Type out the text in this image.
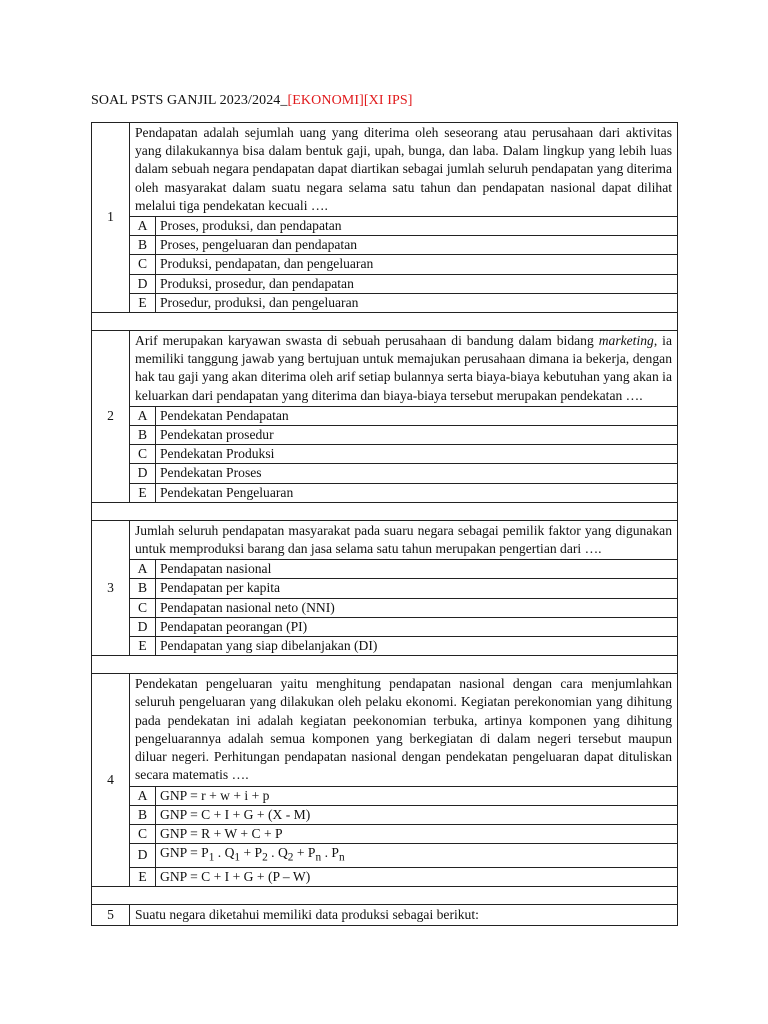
SOAL PSTS GANJIL 2023/2024_[EKONOMI][XI IPS]
1	Pendapatan adalah sejumlah uang yang diterima oleh seseorang atau perusahaan dari aktivitas yang dilakukannya bisa dalam bentuk gaji, upah, bunga, dan laba. Dalam lingkup yang lebih luas dalam sebuah negara pendapatan dapat diartikan sebagai jumlah seluruh pendapatan yang diterima oleh masyarakat dalam suatu negara selama satu tahun dan pendapatan nasional dapat dilihat melalui tiga pendekatan kecuali ….	
	A	Proses, produksi, dan pendapatan
	B	Proses, pengeluaran dan pendapatan
	C	Produksi, pendapatan, dan pengeluaran
	D	Produksi, prosedur, dan pendapatan
	E	Prosedur, produksi, dan pengeluaran

2	Arif merupakan karyawan swasta di sebuah perusahaan di bandung dalam bidang marketing, ia memiliki tanggung jawab yang bertujuan untuk memajukan perusahaan dimana ia bekerja, dengan hak tau gaji yang akan diterima oleh arif setiap bulannya serta biaya-biaya kebutuhan yang akan ia keluarkan dari pendapatan yang diterima dan biaya-biaya tersebut merupakan pendekatan ….	
	A	Pendekatan Pendapatan
	B	Pendekatan prosedur
	C	Pendekatan Produksi
	D	Pendekatan Proses
	E	Pendekatan Pengeluaran

3	Jumlah seluruh pendapatan masyarakat pada suaru negara sebagai pemilik faktor yang digunakan untuk memproduksi barang dan jasa selama satu tahun merupakan pengertian dari ….	
	A	Pendapatan nasional
	B	Pendapatan per kapita
	C	Pendapatan nasional neto (NNI)
	D	Pendapatan peorangan (PI)
	E	Pendapatan yang siap dibelanjakan (DI)

4	Pendekatan pengeluaran yaitu menghitung pendapatan nasional dengan cara menjumlahkan seluruh pengeluaran yang dilakukan oleh pelaku ekonomi. Kegiatan perekonomian yang dihitung pada pendekatan ini adalah kegiatan peekonomian terbuka, artinya komponen yang dihitung pengeluarannya adalah semua komponen yang berkegiatan di dalam negeri tersebut maupun diluar negeri. Perhitungan pendapatan nasional dengan pendekatan pengeluaran dapat dituliskan secara matematis ….	
	A	GNP = r + w + i + p
	B	GNP = C + I + G + (X - M)
	C	GNP = R + W + C + P
	D	GNP = $P_1$ . $Q_1 + P_2$ . $Q_2 + P_n$ . $P_n$
	E	GNP = C + I + G + (P – W)

5	Suatu negara diketahui memiliki data produksi sebagai berikut:	
